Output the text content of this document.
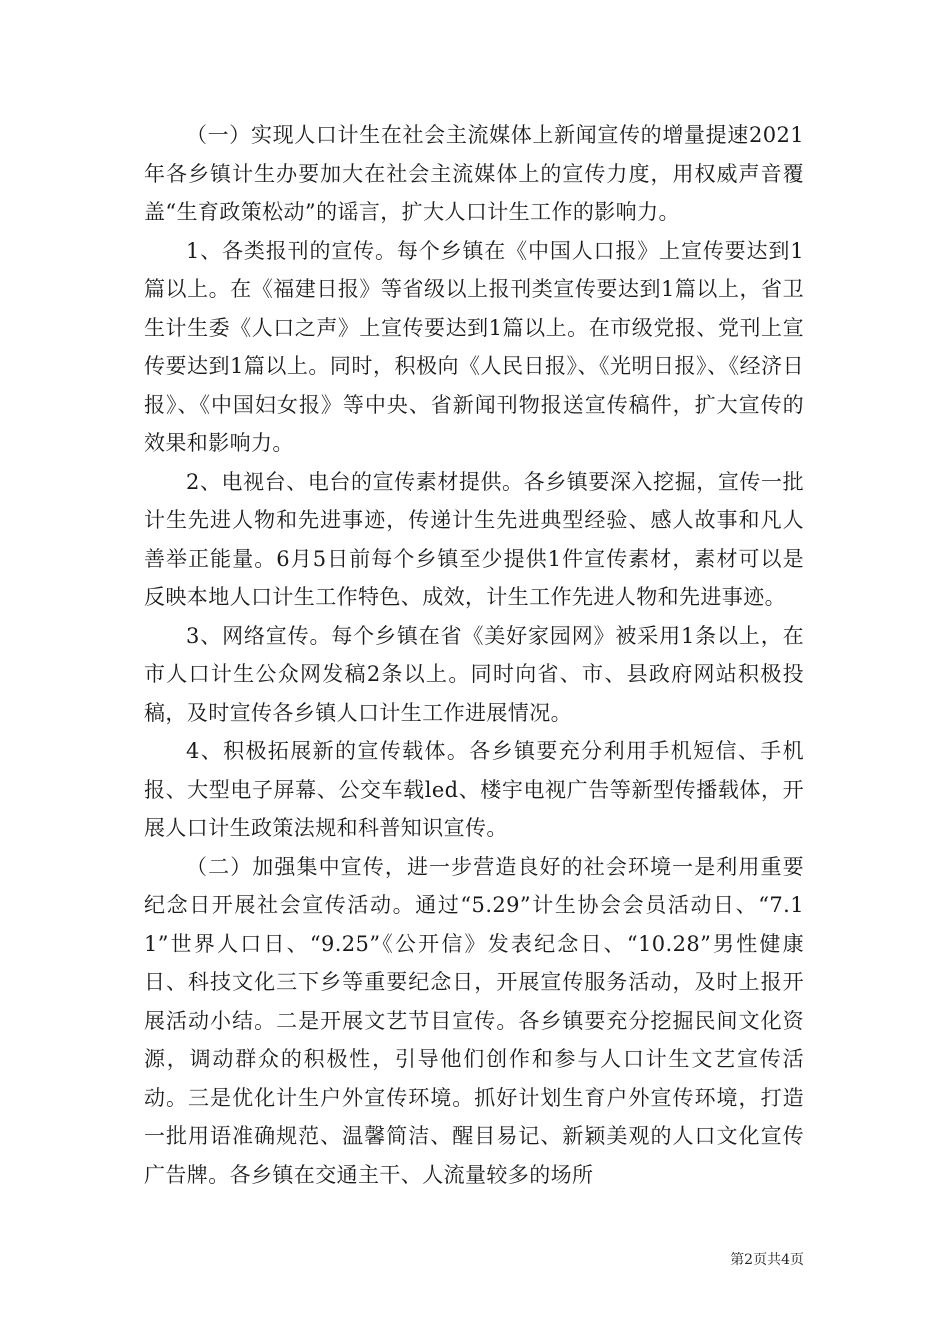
（一）实现人口计生在社会主流媒体上新闻宣传的增量提速2021年各乡镇计生办要加大在社会主流媒体上的宣传力度，用权威声音覆盖“生育政策松动”的谣言，扩大人口计生工作的影响力。

1、各类报刊的宣传。每个乡镇在《中国人口报》上宣传要达到1篇以上。在《福建日报》等省级以上报刊类宣传要达到1篇以上，省卫生计生委《人口之声》上宣传要达到1篇以上。在市级党报、党刊上宣传要达到1篇以上。同时，积极向《人民日报》、《光明日报》、《经济日报》、《中国妇女报》等中央、省新闻刊物报送宣传稿件，扩大宣传的效果和影响力。

2、电视台、电台的宣传素材提供。各乡镇要深入挖掘，宣传一批计生先进人物和先进事迹，传递计生先进典型经验、感人故事和凡人善举正能量。6月5日前每个乡镇至少提供1件宣传素材，素材可以是反映本地人口计生工作特色、成效，计生工作先进人物和先进事迹。

3、网络宣传。每个乡镇在省《美好家园网》被采用1条以上，在市人口计生公众网发稿2条以上。同时向省、市、县政府网站积极投稿，及时宣传各乡镇人口计生工作进展情况。

4、积极拓展新的宣传载体。各乡镇要充分利用手机短信、手机报、大型电子屏幕、公交车载led、楼宇电视广告等新型传播载体，开展人口计生政策法规和科普知识宣传。

（二）加强集中宣传，进一步营造良好的社会环境一是利用重要纪念日开展社会宣传活动。通过“5.29”计生协会会员活动日、“7.11”世界人口日、“9.25”《公开信》发表纪念日、“10.28”男性健康日、科技文化三下乡等重要纪念日，开展宣传服务活动，及时上报开展活动小结。二是开展文艺节目宣传。各乡镇要充分挖掘民间文化资源，调动群众的积极性，引导他们创作和参与人口计生文艺宣传活动。三是优化计生户外宣传环境。抓好计划生育户外宣传环境，打造一批用语准确规范、温馨简洁、醒目易记、新颖美观的人口文化宣传广告牌。各乡镇在交通主干、人流量较多的场所

第2页共4页
